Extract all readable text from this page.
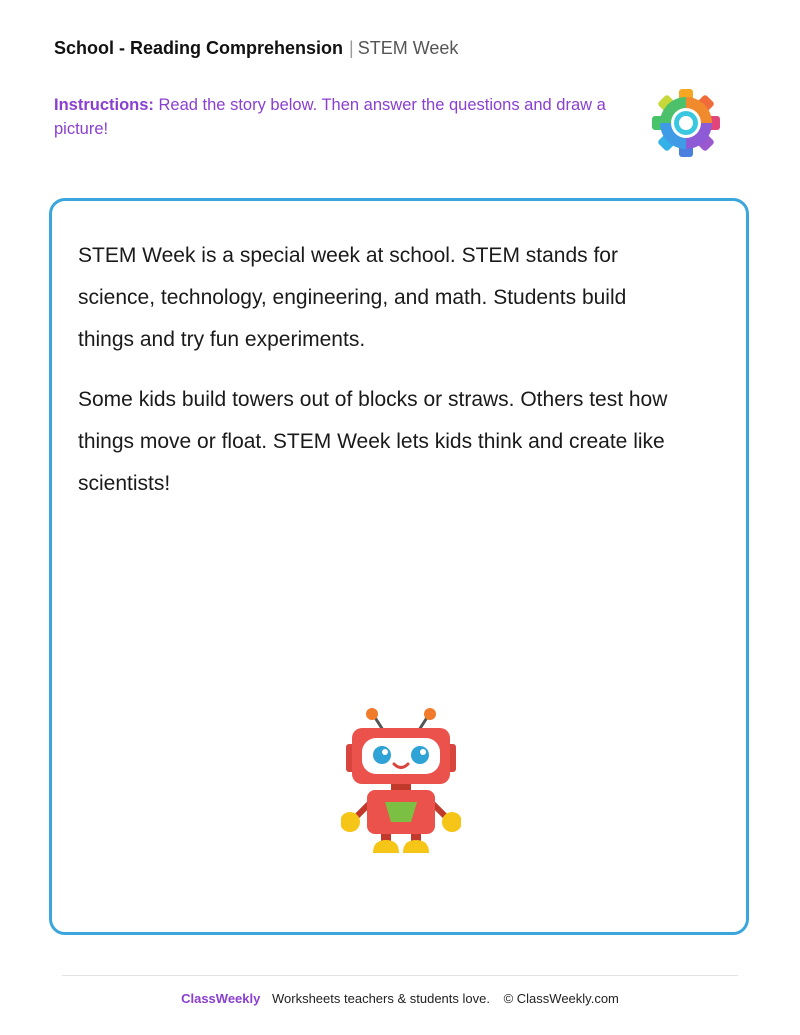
School - Reading Comprehension | STEM Week
Instructions: Read the story below. Then answer the questions and draw a picture!

STEM Week is a special week at school. STEM stands for science, technology, engineering, and math. Students build things and try fun experiments.

Some kids build towers out of blocks or straws. Others test how things move or float. STEM Week lets kids think and create like scientists!

ClassWeekly Worksheets teachers & students love. © ClassWeekly.com
